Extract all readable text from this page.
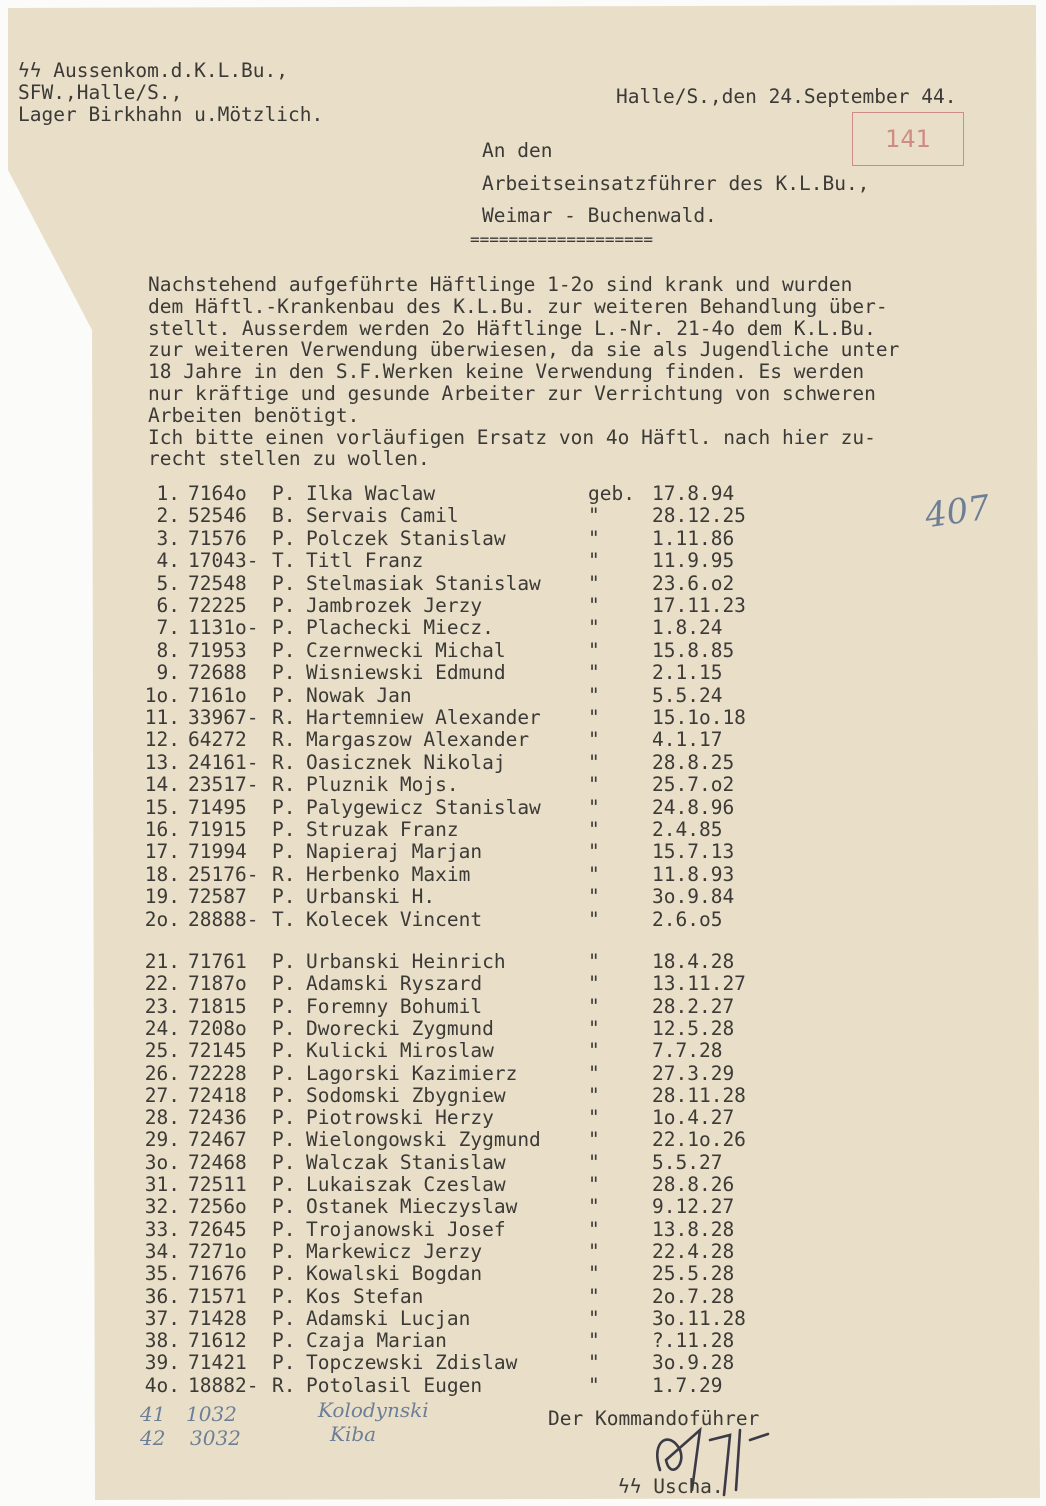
ϟϟ Aussenkom.d.K.L.Bu.,
SFW.,Halle/S.,
Lager Birkhahn u.Mötzlich.
Halle/S.,den 24.September 44.
141
An den
Arbeitseinsatzführer des K.L.Bu.,
Weimar - Buchenwald.
===================
Nachstehend aufgeführte Häftlinge 1-2o sind krank und wurden
dem Häftl.-Krankenbau des K.L.Bu. zur weiteren Behandlung über-
stellt. Ausserdem werden 2o Häftlinge L.-Nr. 21-4o dem K.L.Bu.
zur weiteren Verwendung überwiesen, da sie als Jugendliche unter
18 Jahre in den S.F.Werken keine Verwendung finden. Es werden
nur kräftige und gesunde Arbeiter zur Verrichtung von schweren
Arbeiten benötigt.
Ich bitte einen vorläufigen Ersatz von 4o Häftl. nach hier zu-
recht stellen zu wollen.
1. 7164o P. Ilka Waclaw	geb. 17.8.94
2. 52546 B. Servais Camil	"	28.12.25
3. 71576 P. Polczek Stanislaw	"	1.11.86
4. 17043- T. Titl Franz	"	11.9.95
5. 72548 P. Stelmasiak Stanislaw "	23.6.o2
6. 72225 P. Jambrozek Jerzy	"	17.11.23
7. 1131o- P. Plachecki Miecz.	"	1.8.24
8. 71953 P. Czernwecki Michal	"	15.8.85
9. 72688 P. Wisniewski Edmund	"	2.1.15
1o. 7161o P. Nowak Jan	"	5.5.24
11. 33967- R. Hartemniew Alexander "	15.1o.18
12. 64272 R. Margaszow Alexander	"	4.1.17
13. 24161- R. Oasicznek Nikolaj	"	28.8.25
14. 23517- R. Pluznik Mojs.	"	25.7.o2
15. 71495 P. Palygewicz Stanislaw "	24.8.96
16. 71915 P. Struzak Franz	"	2.4.85
17. 71994 P. Napieraj Marjan	"	15.7.13
18. 25176- R. Herbenko Maxim	"	11.8.93
19. 72587 P. Urbanski H.	"	3o.9.84
2o. 28888- T. Kolecek Vincent	"	2.6.o5
21. 71761 P. Urbanski Heinrich	"	18.4.28
22. 7187o P. Adamski Ryszard	"	13.11.27
23. 71815 P. Foremny Bohumil	"	28.2.27
24. 7208o P. Dworecki Zygmund	"	12.5.28
25. 72145 P. Kulicki Miroslaw	"	7.7.28
26. 72228 P. Lagorski Kazimierz	"	27.3.29
27. 72418 P. Sodomski Zbygniew	"	28.11.28
28. 72436 P. Piotrowski Herzy	"	1o.4.27
29. 72467 P. Wielongowski Zygmund "	22.1o.26
3o. 72468 P. Walczak Stanislaw	"	5.5.27
31. 72511 P. Lukaiszak Czeslaw	"	28.8.26
32. 7256o P. Ostanek Mieczyslaw	"	9.12.27
33. 72645 P. Trojanowski Josef	"	13.8.28
34. 7271o P. Markewicz Jerzy	"	22.4.28
35. 71676 P. Kowalski Bogdan	"	25.5.28
36. 71571 P. Kos Stefan	"	2o.7.28
37. 71428 P. Adamski Lucjan	"	3o.11.28
38. 71612 P. Czaja Marian	"	?.11.28
39. 71421 P. Topczewski Zdislaw	"	3o.9.28
4o. 18882- R. Potolasil Eugen	"	1.7.29
407
41 1032	Kolodynski
42 3032	Kiba
Der Kommandoführer
ϟϟ Uscha.
